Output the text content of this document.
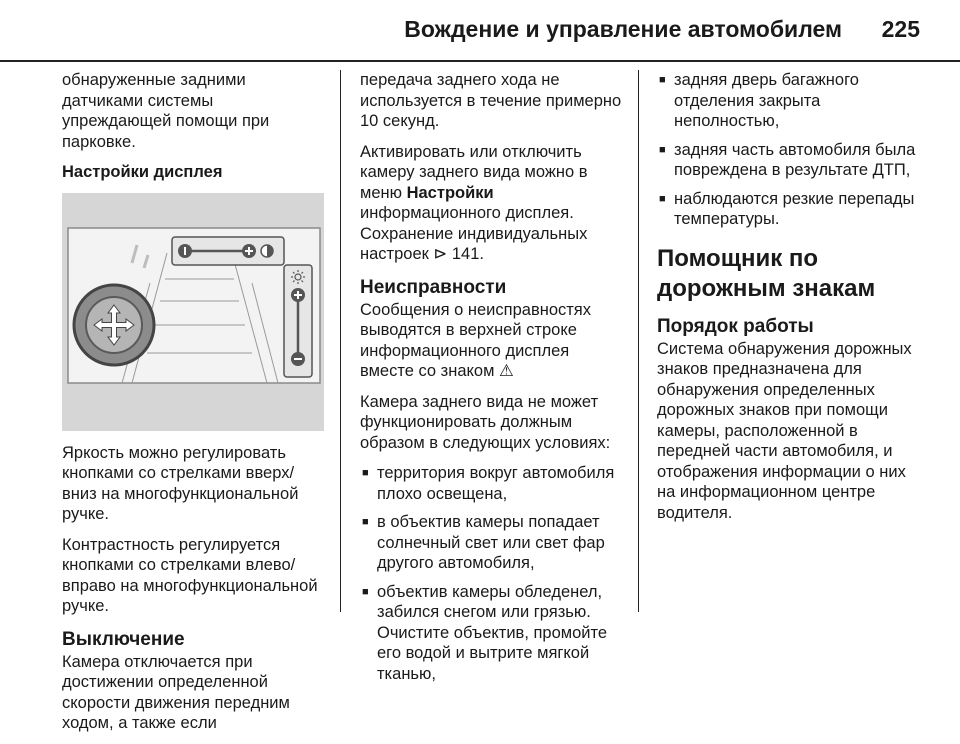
Вождение и управление автомобилем 225

обнаруженные задними датчиками системы упреждающей помощи при парковке.

Настройки дисплея

Яркость можно регулировать кнопками со стрелками вверх/вниз на многофункциональной ручке.

Контрастность регулируется кнопками со стрелками влево/вправо на многофункциональной ручке.

Выключение

Камера отключается при достижении определенной скорости движения передним ходом, а также если

передача заднего хода не используется в течение примерно 10 секунд.

Активировать или отключить камеру заднего вида можно в меню Настройки информационного дисплея. Сохранение индивидуальных настроек ⊳ 141.

Неисправности

Сообщения о неисправностях выводятся в верхней строке информационного дисплея вместе со знаком ⚠

Камера заднего вида не может функционировать должным образом в следующих условиях:

■ территория вокруг автомобиля плохо освещена,
■ в объектив камеры попадает солнечный свет или свет фар другого автомобиля,
■ объектив камеры обледенел, забился снегом или грязью. Очистите объектив, промойте его водой и вытрите мягкой тканью,
■ задняя дверь багажного отделения закрыта неполностью,
■ задняя часть автомобиля была повреждена в результате ДТП,
■ наблюдаются резкие перепады температуры.
Помощник по дорожным знакам
Порядок работы

Система обнаружения дорожных знаков предназначена для обнаружения определенных дорожных знаков при помощи камеры, расположенной в передней части автомобиля, и отображения информации о них на информационном центре водителя.
